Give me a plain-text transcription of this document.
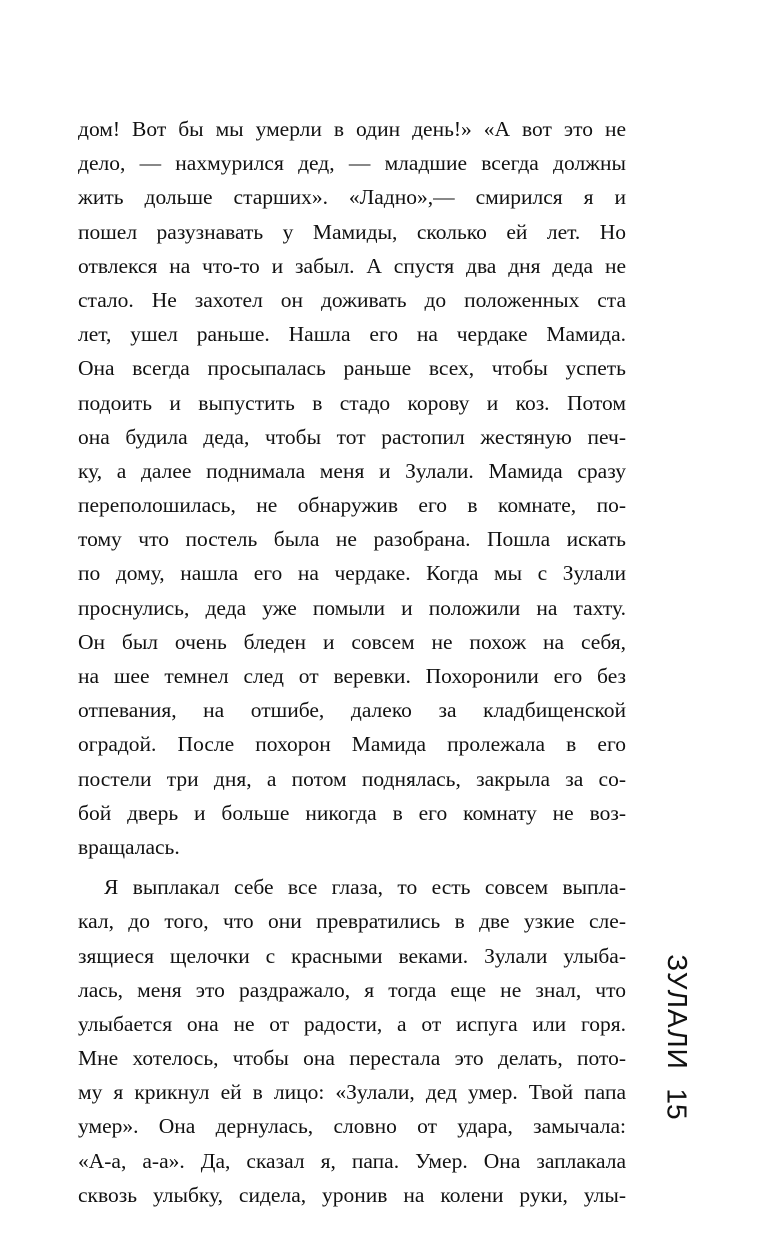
дом! Вот бы мы умерли в один день!» «А вот это не
дело, — нахмурился дед, — младшие всегда должны
жить дольше старших». «Ладно»,— смирился я и
пошел разузнавать у Мамиды, сколько ей лет. Но
отвлекся на что-то и забыл. А спустя два дня деда не
стало. Не захотел он доживать до положенных ста
лет, ушел раньше. Нашла его на чердаке Мамида.
Она всегда просыпалась раньше всех, чтобы успеть
подоить и выпустить в стадо корову и коз. Потом
она будила деда, чтобы тот растопил жестяную печ-
ку, а далее поднимала меня и Зулали. Мамида сразу
переполошилась, не обнаружив его в комнате, по-
тому что постель была не разобрана. Пошла искать
по дому, нашла его на чердаке. Когда мы с Зулали
проснулись, деда уже помыли и положили на тахту.
Он был очень бледен и совсем не похож на себя,
на шее темнел след от веревки. Похоронили его без
отпевания, на отшибе, далеко за кладбищенской
оградой. После похорон Мамида пролежала в его
постели три дня, а потом поднялась, закрыла за со-
бой дверь и больше никогда в его комнату не воз-
вращалась.
Я выплакал себе все глаза, то есть совсем выпла-
кал, до того, что они превратились в две узкие сле-
зящиеся щелочки с красными веками. Зулали улыба-
лась, меня это раздражало, я тогда еще не знал, что
улыбается она не от радости, а от испуга или горя.
Мне хотелось, чтобы она перестала это делать, пото-
му я крикнул ей в лицо: «Зулали, дед умер. Твой папа
умер». Она дернулась, словно от удара, замычала:
«А-а, а-а». Да, сказал я, папа. Умер. Она заплакала
сквозь улыбку, сидела, уронив на колени руки, улы-
ЗУЛАЛИ
15
